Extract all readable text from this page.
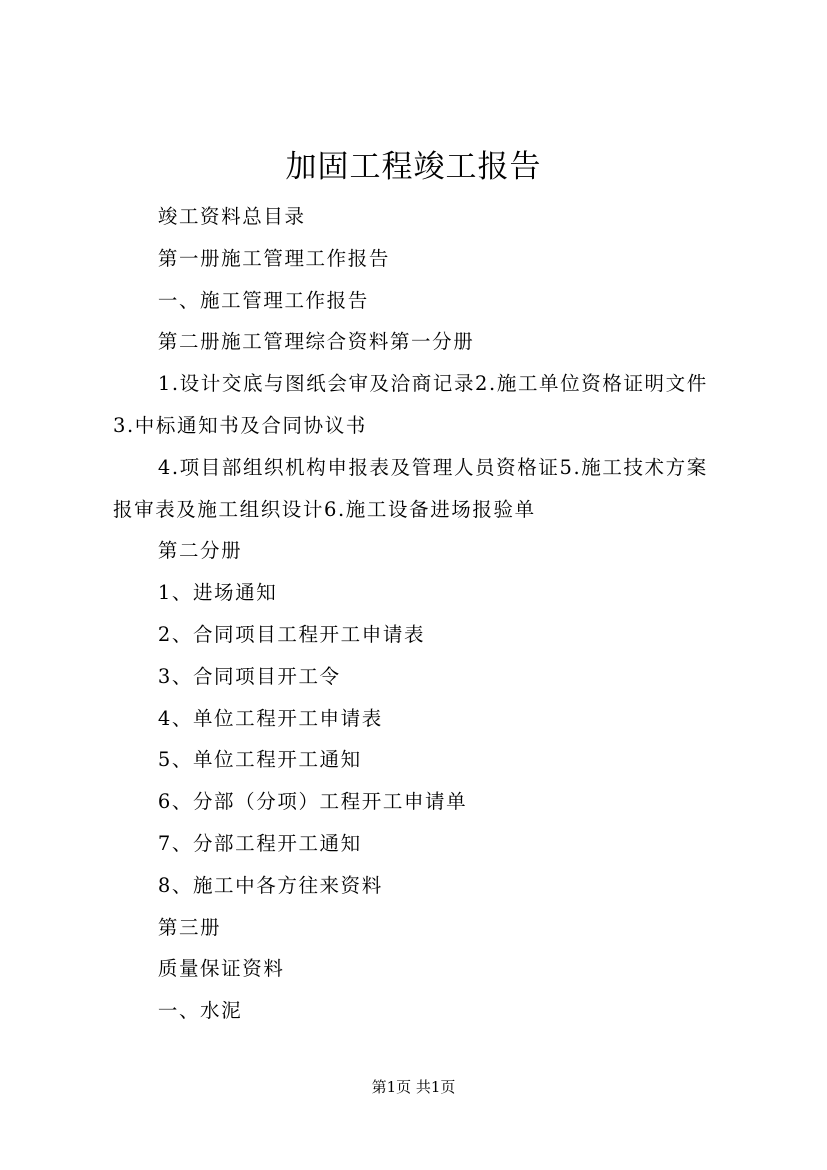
加固工程竣工报告

竣工资料总目录

第一册施工管理工作报告

一、施工管理工作报告

第二册施工管理综合资料第一分册

1.设计交底与图纸会审及洽商记录2.施工单位资格证明文件3.中标通知书及合同协议书

4.项目部组织机构申报表及管理人员资格证5.施工技术方案报审表及施工组织设计6.施工设备进场报验单

第二分册

1、进场通知

2、合同项目工程开工申请表

3、合同项目开工令

4、单位工程开工申请表

5、单位工程开工通知

6、分部（分项）工程开工申请单

7、分部工程开工通知

8、施工中各方往来资料

第三册

质量保证资料

一、水泥

第1页 共1页
